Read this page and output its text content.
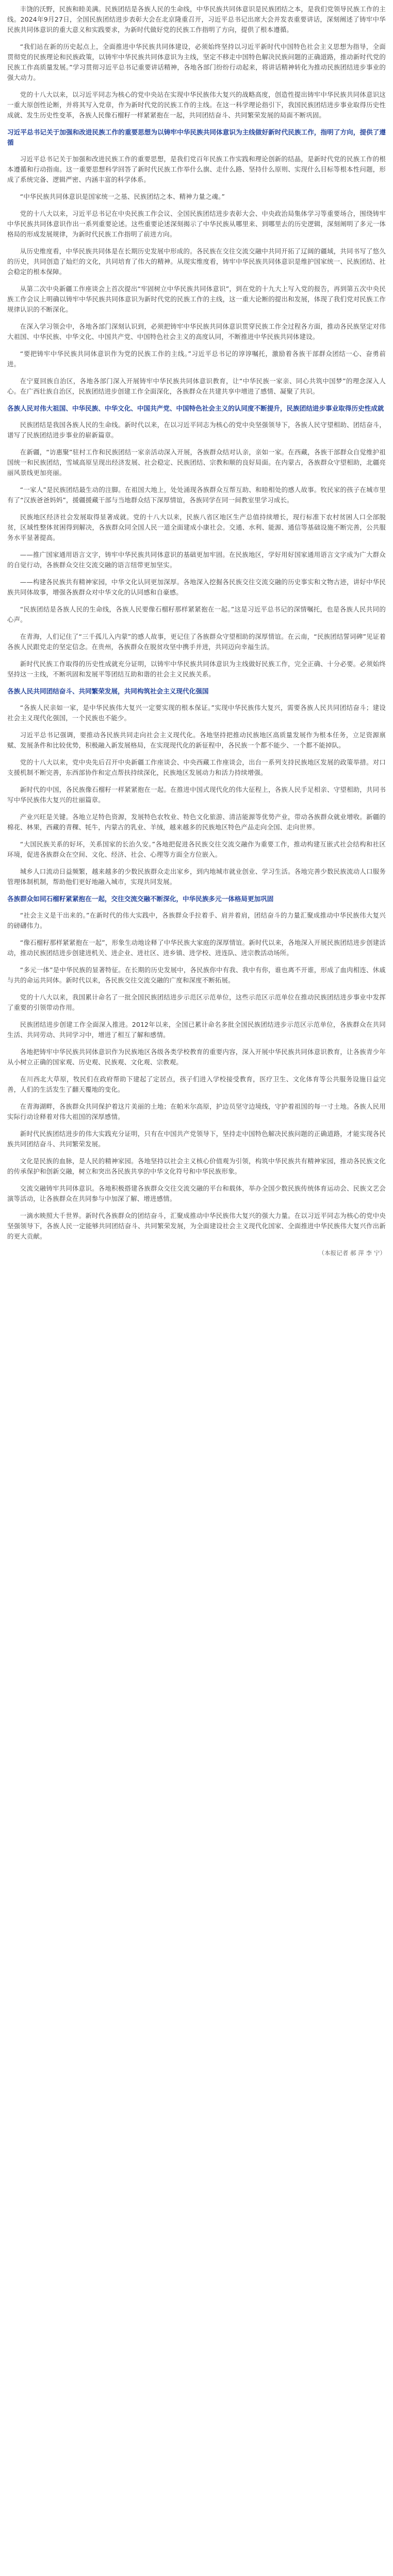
丰饶的沃野，民族和睦美满。民族团结是各族人民的生命线，中华民族共同体意识是民族团结之本，是我们党领导民族工作的主线。2024年9月27日，全国民族团结进步表彰大会在北京隆重召开，习近平总书记出席大会并发表重要讲话，深刻阐述了铸牢中华民族共同体意识的重大意义和实践要求，为新时代做好党的民族工作指明了方向，提供了根本遵循。

“我们站在新的历史起点上，全面推进中华民族共同体建设，必须始终坚持以习近平新时代中国特色社会主义思想为指导，全面贯彻党的民族理论和民族政策，以铸牢中华民族共同体意识为主线，坚定不移走中国特色解决民族问题的正确道路，推动新时代党的民族工作高质量发展。”学习贯彻习近平总书记重要讲话精神，各地各部门纷纷行动起来，将讲话精神转化为推动民族团结进步事业的强大动力。

党的十八大以来，以习近平同志为核心的党中央站在实现中华民族伟大复兴的战略高度，创造性提出铸牢中华民族共同体意识这一重大原创性论断，并将其写入党章，作为新时代党的民族工作的主线。在这一科学理论指引下，我国民族团结进步事业取得历史性成就、发生历史性变革，各族人民像石榴籽一样紧紧抱在一起，共同团结奋斗、共同繁荣发展的局面不断巩固。

习近平总书记关于加强和改进民族工作的重要思想为以铸牢中华民族共同体意识为主线做好新时代民族工作，指明了方向，提供了遵循

习近平总书记关于加强和改进民族工作的重要思想，是我们党百年民族工作实践和理论创新的结晶，是新时代党的民族工作的根本遵循和行动指南。这一重要思想科学回答了新时代民族工作举什么旗、走什么路、坚持什么原则、实现什么目标等根本性问题，形成了系统完备、逻辑严密、内涵丰富的科学体系。

“中华民族共同体意识是国家统一之基、民族团结之本、精神力量之魂。”

党的十八大以来，习近平总书记在中央民族工作会议、全国民族团结进步表彰大会、中央政治局集体学习等重要场合，围绕铸牢中华民族共同体意识作出一系列重要论述。这些重要论述深刻揭示了中华民族从哪里来、到哪里去的历史逻辑，深刻阐明了多元一体格局的形成发展规律，为新时代民族工作指明了前进方向。

从历史维度看，中华民族共同体是在长期历史发展中形成的。各民族在交往交流交融中共同开拓了辽阔的疆域，共同书写了悠久的历史，共同创造了灿烂的文化，共同培育了伟大的精神。从现实维度看，铸牢中华民族共同体意识是维护国家统一、民族团结、社会稳定的根本保障。

从第二次中央新疆工作座谈会上首次提出“牢固树立中华民族共同体意识”，到在党的十九大上写入党的报告，再到第五次中央民族工作会议上明确以铸牢中华民族共同体意识为新时代党的民族工作的主线，这一重大论断的提出和发展，体现了我们党对民族工作规律认识的不断深化。

在深入学习领会中，各地各部门深刻认识到，必须把铸牢中华民族共同体意识贯穿民族工作全过程各方面，推动各民族坚定对伟大祖国、中华民族、中华文化、中国共产党、中国特色社会主义的高度认同，不断推进中华民族共同体建设。

“要把铸牢中华民族共同体意识作为党的民族工作的主线。”习近平总书记的谆谆嘱托，激励着各族干部群众团结一心、奋勇前进。

在宁夏回族自治区，各地各部门深入开展铸牢中华民族共同体意识教育，让“中华民族一家亲、同心共筑中国梦”的理念深入人心。在广西壮族自治区，民族团结进步创建工作全面深化，各族群众在共建共享中增进了感情、凝聚了共识。

各族人民对伟大祖国、中华民族、中华文化、中国共产党、中国特色社会主义的认同度不断提升，民族团结进步事业取得历史性成就

民族团结是我国各族人民的生命线。新时代以来，在以习近平同志为核心的党中央坚强领导下，各族人民守望相助、团结奋斗，谱写了民族团结进步事业的崭新篇章。

在新疆，“访惠聚”驻村工作和民族团结一家亲活动深入开展，各族群众结对认亲，亲如一家。在西藏，各族干部群众自觉维护祖国统一和民族团结，雪域高原呈现出经济发展、社会稳定、民族团结、宗教和顺的良好局面。在内蒙古，各族群众守望相助，北疆亮丽风景线更加亮丽。

“一家人”是民族团结最生动的注脚。在祖国大地上，处处涌现各族群众互帮互助、和睦相处的感人故事。牧民家的孩子在城市里有了“汉族爸爸妈妈”，援疆援藏干部与当地群众结下深厚情谊，各族同学在同一间教室里学习成长。

民族地区经济社会发展取得显著成就。党的十八大以来，民族八省区地区生产总值持续增长，现行标准下农村贫困人口全部脱贫，区域性整体贫困得到解决，各族群众同全国人民一道全面建成小康社会。交通、水利、能源、通信等基础设施不断完善，公共服务水平显著提高。

——推广国家通用语言文字，铸牢中华民族共同体意识的基础更加牢固。在民族地区，学好用好国家通用语言文字成为广大群众的自觉行动，各族群众交往交流交融的语言纽带更加坚实。

——构建各民族共有精神家园，中华文化认同更加深厚。各地深入挖掘各民族交往交流交融的历史事实和文物古迹，讲好中华民族共同体故事，增强各族群众对中华文化的认同感和自豪感。

“民族团结是各族人民的生命线，各族人民要像石榴籽那样紧紧抱在一起。”这是习近平总书记的深情嘱托，也是各族人民共同的心声。

在青海，人们记住了“三千孤儿入内蒙”的感人故事，更记住了各族群众守望相助的深厚情谊。在云南，“民族团结誓词碑”见证着各族人民跟党走的坚定信念。在贵州，各族群众在脱贫攻坚中携手并进，共同迈向幸福生活。

新时代民族工作取得的历史性成就充分证明，以铸牢中华民族共同体意识为主线做好民族工作，完全正确、十分必要。必须始终坚持这一主线，不断巩固和发展平等团结互助和谐的社会主义民族关系。

各族人民共同团结奋斗、共同繁荣发展，共同构筑社会主义现代化强国

“各族人民亲如一家，是中华民族伟大复兴一定要实现的根本保证。”实现中华民族伟大复兴，需要各族人民共同团结奋斗；建设社会主义现代化强国，一个民族也不能少。

习近平总书记强调，要推动各民族共同走向社会主义现代化。各地坚持把推动民族地区高质量发展作为根本任务，立足资源禀赋、发展条件和比较优势，积极融入新发展格局，在实现现代化的新征程中，各民族一个都不能少、一个都不能掉队。

党的十八大以来，党中央先后召开中央新疆工作座谈会、中央西藏工作座谈会，出台一系列支持民族地区发展的政策举措。对口支援机制不断完善，东西部协作和定点帮扶持续深化，民族地区发展动力和活力持续增强。

新时代的中国，各民族像石榴籽一样紧紧抱在一起。在推进中国式现代化的伟大征程上，各族人民手足相亲、守望相助，共同书写中华民族伟大复兴的壮丽篇章。

产业兴旺是关键。各地立足特色资源，发展特色农牧业、特色文化旅游、清洁能源等优势产业，带动各族群众就业增收。新疆的棉花、林果，西藏的青稞、牦牛，内蒙古的乳业、羊绒，越来越多的民族地区特色产品走向全国、走向世界。

“大国民族关系的好坏，关系国家的长治久安。”各地把促进各民族交往交流交融作为重要工作，推动构建互嵌式社会结构和社区环境，促进各族群众在空间、文化、经济、社会、心理等方面全方位嵌入。

城乡人口流动日益频繁，越来越多的少数民族群众走出家乡，到内地城市就业创业、学习生活。各地完善少数民族流动人口服务管理体制机制，帮助他们更好地融入城市，实现共同发展。

各族群众如同石榴籽紧紧抱在一起，交往交流交融不断深化，中华民族多元一体格局更加巩固

“社会主义是干出来的。”在新时代的伟大实践中，各族群众手拉着手、肩并着肩，团结奋斗的力量汇聚成推动中华民族伟大复兴的磅礴伟力。

“像石榴籽那样紧紧抱在一起”，形象生动地诠释了中华民族大家庭的深厚情谊。新时代以来，各地深入开展民族团结进步创建活动，推动民族团结进步创建进机关、进企业、进社区、进乡镇、进学校、进连队、进宗教活动场所。

“多元一体”是中华民族的显著特征。在长期的历史发展中，各民族你中有我、我中有你，谁也离不开谁，形成了血肉相连、休戚与共的命运共同体。新时代以来，各民族交往交流交融的广度和深度不断拓展。

党的十八大以来，我国累计命名了一批全国民族团结进步示范区示范单位，这些示范区示范单位在推动民族团结进步事业中发挥了重要的引领带动作用。

民族团结进步创建工作全面深入推进。2012年以来，全国已累计命名多批全国民族团结进步示范区示范单位，各族群众在共同生活、共同劳动、共同学习中，增进了相互了解和感情。

各地把铸牢中华民族共同体意识作为民族地区各级各类学校教育的重要内容，深入开展中华民族共同体意识教育，让各族青少年从小树立正确的国家观、历史观、民族观、文化观、宗教观。

在川西北大草原，牧民们在政府帮助下建起了定居点，孩子们进入学校接受教育，医疗卫生、文化体育等公共服务设施日益完善，人们的生活发生了翻天覆地的变化。

在青海湖畔，各族群众共同保护着这片美丽的土地；在帕米尔高原，护边员坚守边境线，守护着祖国的每一寸土地。各族人民用实际行动诠释着对伟大祖国的深厚感情。

新时代民族团结进步的伟大实践充分证明，只有在中国共产党领导下，坚持走中国特色解决民族问题的正确道路，才能实现各民族共同团结奋斗、共同繁荣发展。

文化是民族的血脉，是人民的精神家园。各地坚持以社会主义核心价值观为引领，构筑中华民族共有精神家园，推动各民族文化的传承保护和创新交融，树立和突出各民族共享的中华文化符号和中华民族形象。

交流交融铸牢共同体意识。各地积极搭建各族群众交往交流交融的平台和载体，举办全国少数民族传统体育运动会、民族文艺会演等活动，让各族群众在共同参与中加深了解、增进感情。

一滴水映照大千世界。新时代各族群众的团结奋斗，汇聚成推动中华民族伟大复兴的强大力量。在以习近平同志为核心的党中央坚强领导下，各族人民一定能够共同团结奋斗、共同繁荣发展，为全面建设社会主义现代化国家、全面推进中华民族伟大复兴作出新的更大贡献。

（本报记者 郝 萍 李 宁）
